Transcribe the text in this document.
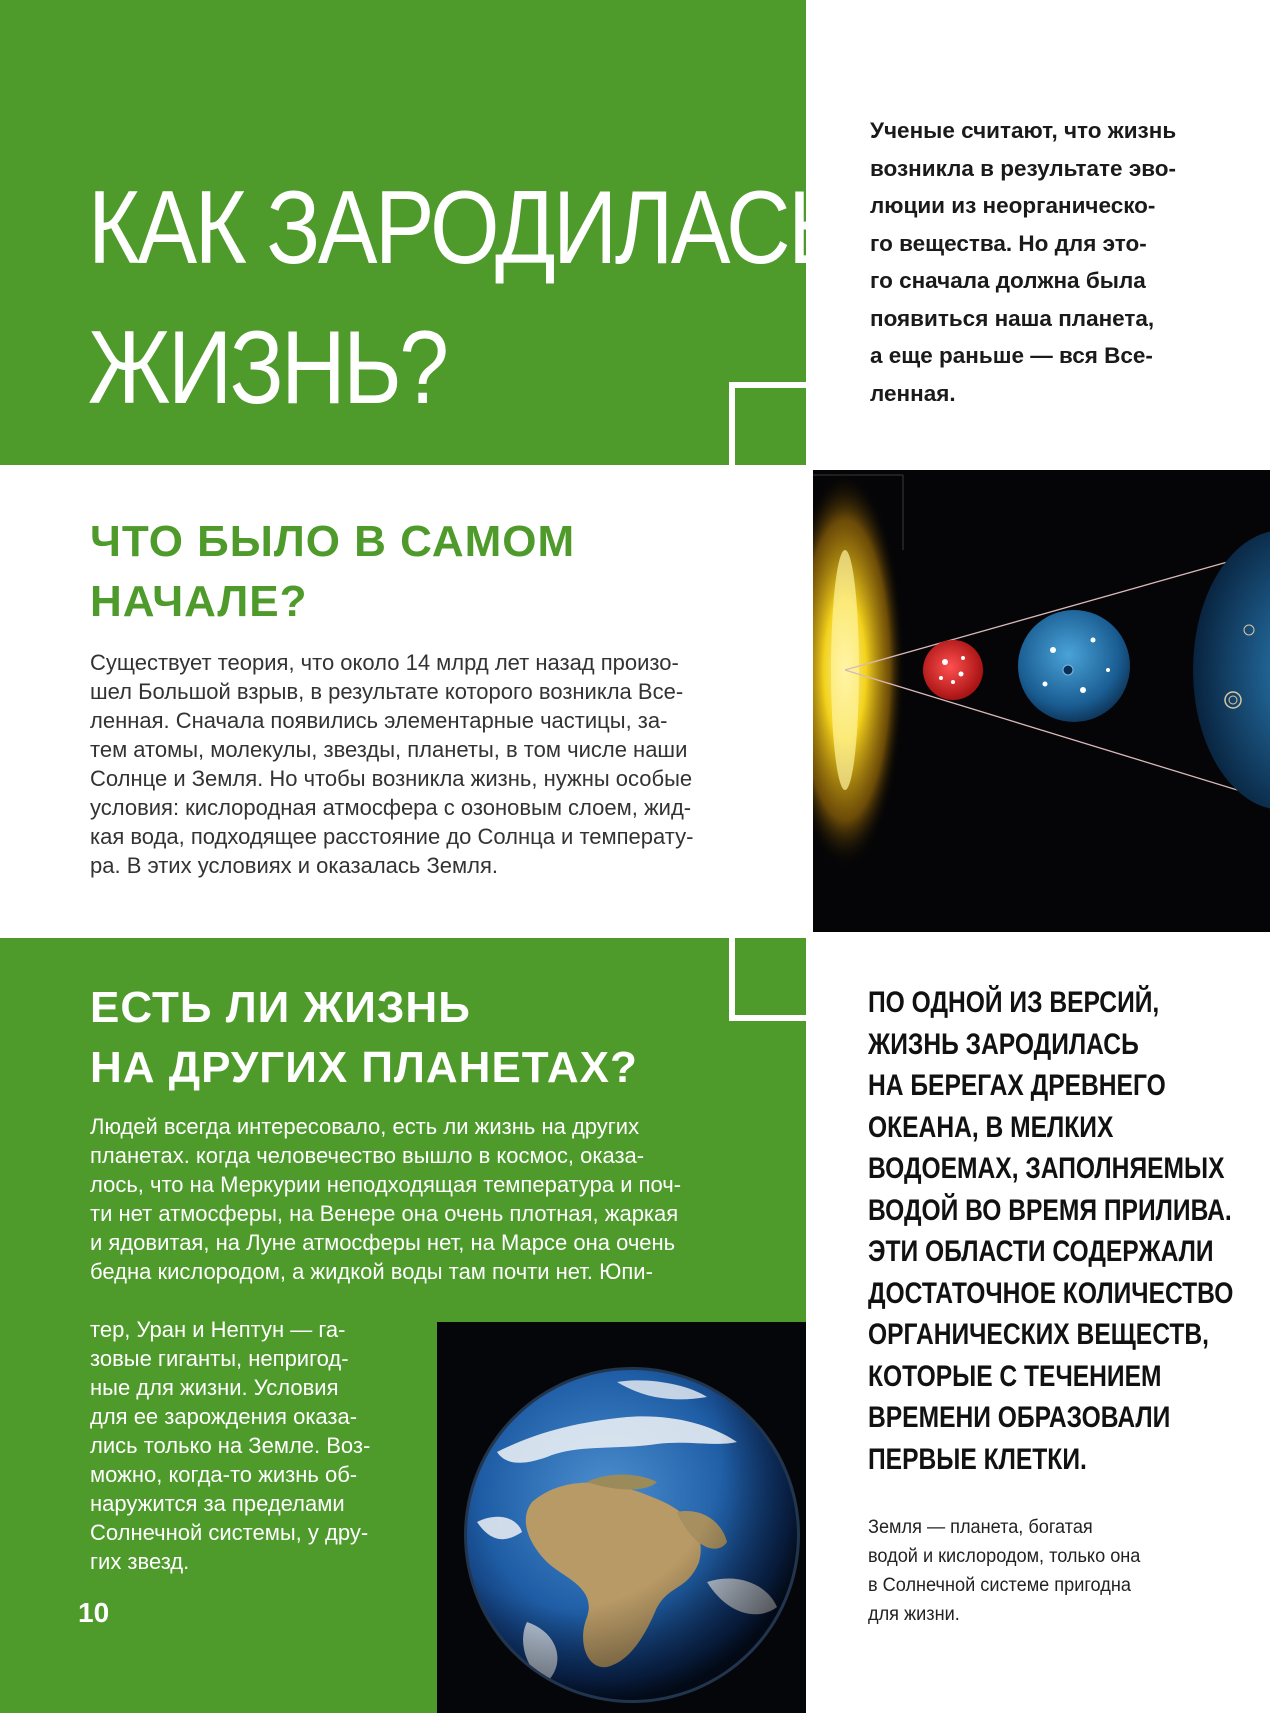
КАК ЗАРОДИЛАСЬ
ЖИЗНЬ?
Ученые считают, что жизнь
возникла в результате эво-
люции из неорганическо-
го вещества. Но для это-
го сначала должна была
появиться наша планета,
а еще раньше — вся Все-
ленная.
ЧТО БЫЛО В САМОМ
НАЧАЛЕ?
Существует теория, что около 14 млрд лет назад произо-
шел Большой взрыв, в результате которого возникла Все-
ленная. Сначала появились элементарные частицы, за-
тем атомы, молекулы, звезды, планеты, в том числе наши
Солнце и Земля. Но чтобы возникла жизнь, нужны особые
условия: кислородная атмосфера с озоновым слоем, жид-
кая вода, подходящее расстояние до Солнца и температу-
ра. В этих условиях и оказалась Земля.
ЕСТЬ ЛИ ЖИЗНЬ
НА ДРУГИХ ПЛАНЕТАХ?
Людей всегда интересовало, есть ли жизнь на других
планетах. когда человечество вышло в космос, оказа-
лось, что на Меркурии неподходящая температура и поч-
ти нет атмосферы, на Венере она очень плотная, жаркая
и ядовитая, на Луне атмосферы нет, на Марсе она очень
бедна кислородом, а жидкой воды там почти нет. Юпи-
тер, Уран и Нептун — га-
зовые гиганты, непригод-
ные для жизни. Условия
для ее зарождения оказа-
лись только на Земле. Воз-
можно, когда-то жизнь об-
наружится за пределами
Солнечной системы, у дру-
гих звезд.
10
ПО ОДНОЙ ИЗ ВЕРСИЙ,
ЖИЗНЬ ЗАРОДИЛАСЬ
НА БЕРЕГАХ ДРЕВНЕГО
ОКЕАНА, В МЕЛКИХ
ВОДОЕМАХ, ЗАПОЛНЯЕМЫХ
ВОДОЙ ВО ВРЕМЯ ПРИЛИВА.
ЭТИ ОБЛАСТИ СОДЕРЖАЛИ
ДОСТАТОЧНОЕ КОЛИЧЕСТВО
ОРГАНИЧЕСКИХ ВЕЩЕСТВ,
КОТОРЫЕ С ТЕЧЕНИЕМ
ВРЕМЕНИ ОБРАЗОВАЛИ
ПЕРВЫЕ КЛЕТКИ.
Земля — планета, богатая
водой и кислородом, только она
в Солнечной системе пригодна
для жизни.
